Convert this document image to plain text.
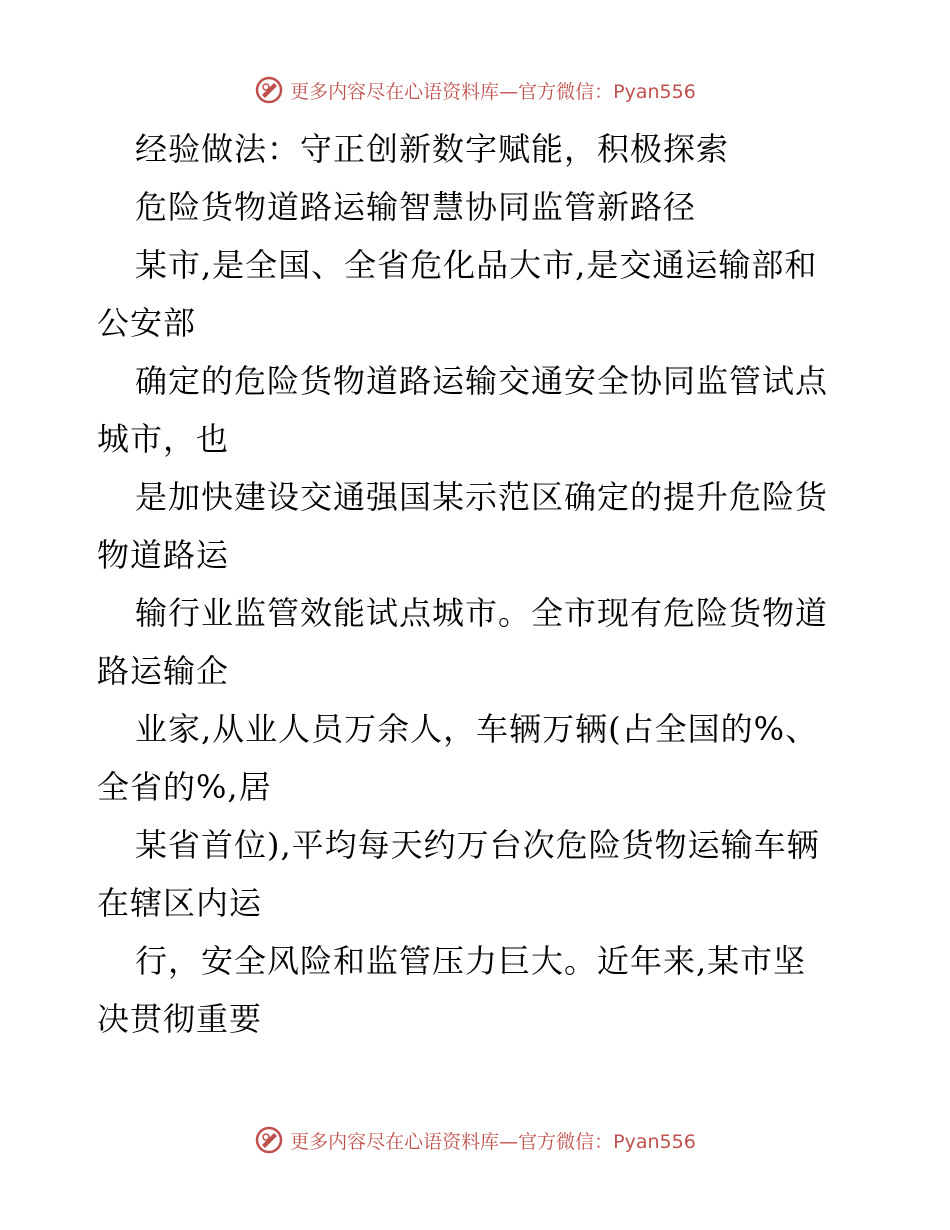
更多内容尽在心语资料库—官方微信：Pyan556
经验做法：守正创新数字赋能，积极探索
危险货物道路运输智慧协同监管新路径
某市,是全国、全省危化品大市,是交通运输部和
公安部
确定的危险货物道路运输交通安全协同监管试点
城市，也
是加快建设交通强国某示范区确定的提升危险货
物道路运
输行业监管效能试点城市。全市现有危险货物道
路运输企
业家,从业人员万余人，车辆万辆(占全国的%、
全省的%,居
某省首位),平均每天约万台次危险货物运输车辆
在辖区内运
行，安全风险和监管压力巨大。近年来,某市坚
决贯彻重要
更多内容尽在心语资料库—官方微信：Pyan556
